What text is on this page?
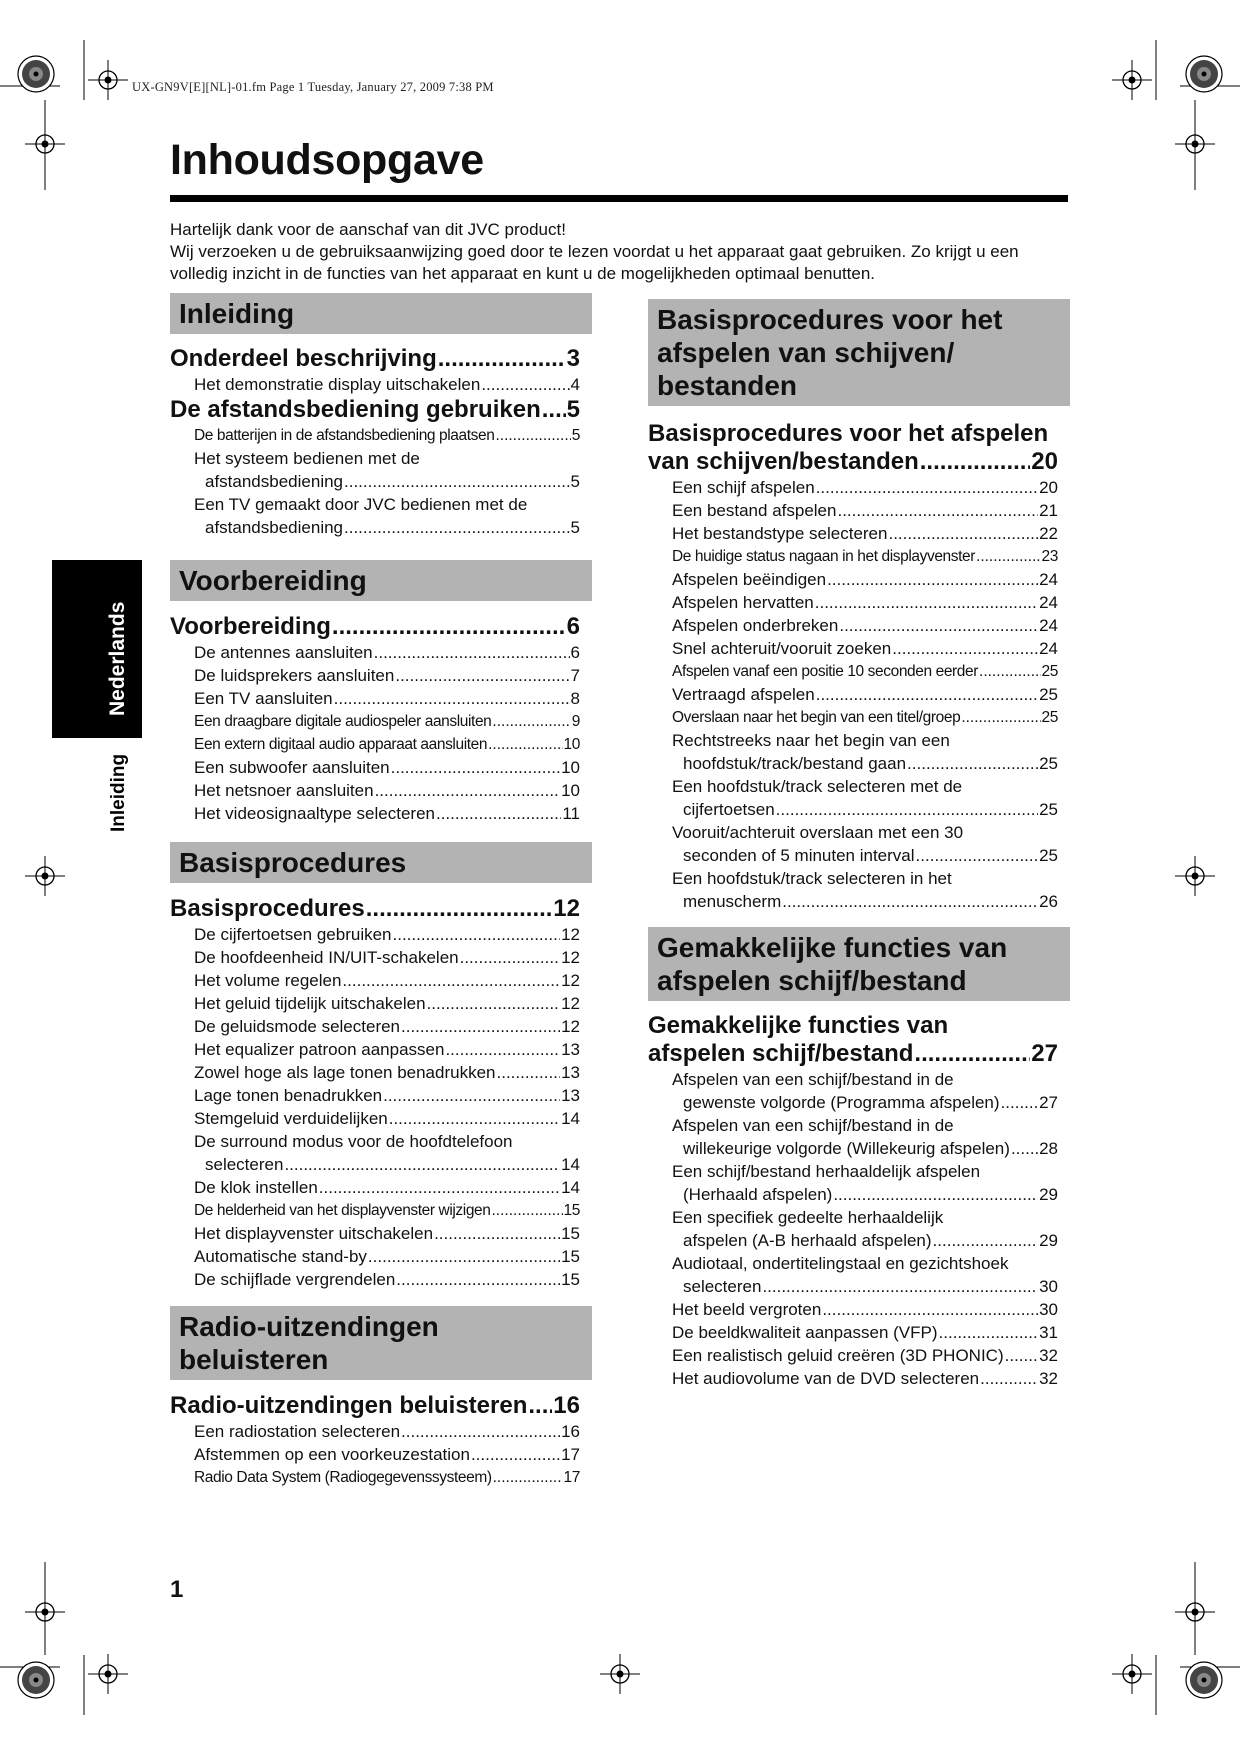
UX-GN9V[E][NL]-01.fm Page 1 Tuesday, January 27, 2009 7:38 PM
Inhoudsopgave

Hartelijk dank voor de aanschaf van dit JVC product!

Wij verzoeken u de gebruiksaanwijzing goed door te lezen voordat u het apparaat gaat gebruiken. Zo krijgt u een volledig inzicht in de functies van het apparaat en kunt u de mogelijkheden optimaal benutten.

Nederlands
Inleiding
Inleiding
Onderdeel beschrijving .....	3
Het demonstratie display uitschakelen .....	4
De afstandsbediening gebruiken ..... 5
De batterijen in de afstandsbediening plaatsen .....	5
Het systeem bedienen met de
afstandsbediening .....	5
Een TV gemaakt door JVC bedienen met de
afstandsbediening .....	5
Voorbereiding
Voorbereiding .....	6
De antennes aansluiten .....	6
De luidsprekers aansluiten .....	7
Een TV aansluiten .....	8
Een draagbare digitale audiospeler aansluiten .....	9
Een extern digitaal audio apparaat aansluiten .....	10
Een subwoofer aansluiten .....	10
Het netsnoer aansluiten .....	10
Het videosignaaltype selecteren .....	11
Basisprocedures
Basisprocedures .....	12
De cijfertoetsen gebruiken .....	12
De hoofdeenheid IN/UIT-schakelen .....	12
Het volume regelen .....	12
Het geluid tijdelijk uitschakelen .....	12
De geluidsmode selecteren .....	12
Het equalizer patroon aanpassen .....	13
Zowel hoge als lage tonen benadrukken .....	13
Lage tonen benadrukken .....	13
Stemgeluid verduidelijken .....	14
De surround modus voor de hoofdtelefoon
selecteren .....	14
De klok instellen .....	14
De helderheid van het displayvenster wijzigen .....	15
Het displayvenster uitschakelen .....	15
Automatische stand-by .....	15
De schijflade vergrendelen .....	15
Radio-uitzendingen
beluisteren
Radio-uitzendingen beluisteren ..... 16
Een radiostation selecteren .....	16
Afstemmen op een voorkeuzestation .....	17
Radio Data System (Radiogegevenssysteem) .....	17
Basisprocedures voor het
afspelen van schijven/
bestanden
Basisprocedures voor het afspelen
van schijven/bestanden .....	20
Een schijf afspelen .....	20
Een bestand afspelen .....	21
Het bestandstype selecteren .....	22
De huidige status nagaan in het displayvenster .....	23
Afspelen beëindigen .....	24
Afspelen hervatten .....	24
Afspelen onderbreken .....	24
Snel achteruit/vooruit zoeken .....	24
Afspelen vanaf een positie 10 seconden eerder .....	25
Vertraagd afspelen .....	25
Overslaan naar het begin van een titel/groep .....	25
Rechtstreeks naar het begin van een
hoofdstuk/track/bestand gaan .....	25
Een hoofdstuk/track selecteren met de
cijfertoetsen .....	25
Vooruit/achteruit overslaan met een 30
seconden of 5 minuten interval .....	25
Een hoofdstuk/track selecteren in het
menuscherm .....	26
Gemakkelijke functies van
afspelen schijf/bestand
Gemakkelijke functies van
afspelen schijf/bestand .....	27
Afspelen van een schijf/bestand in de
gewenste volgorde (Programma afspelen) ..... 27
Afspelen van een schijf/bestand in de
willekeurige volgorde (Willekeurig afspelen) ..... 28
Een schijf/bestand herhaaldelijk afspelen
(Herhaald afspelen) .....	29
Een specifiek gedeelte herhaaldelijk
afspelen (A-B herhaald afspelen) .....	29
Audiotaal, ondertitelingstaal en gezichtshoek
selecteren .....	30
Het beeld vergroten .....	30
De beeldkwaliteit aanpassen (VFP) .....	31
Een realistisch geluid creëren (3D PHONIC) ..... 32
Het audiovolume van de DVD selecteren .....	32
1
